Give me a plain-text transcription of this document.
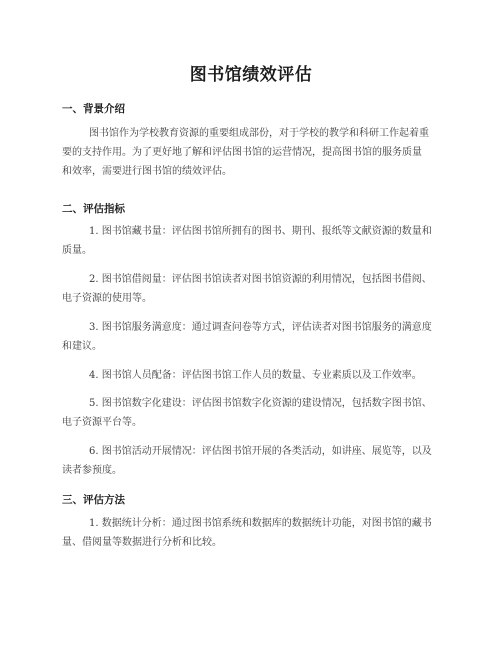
图书馆绩效评估
一、背景介绍
图书馆作为学校教育资源的重要组成部份，对于学校的教学和科研工作起着重
要的支持作用。为了更好地了解和评估图书馆的运营情况，提高图书馆的服务质量
和效率，需要进行图书馆的绩效评估。
二、评估指标
1. 图书馆藏书量：评估图书馆所拥有的图书、期刊、报纸等文献资源的数量和
质量。
2. 图书馆借阅量：评估图书馆读者对图书馆资源的利用情况，包括图书借阅、
电子资源的使用等。
3. 图书馆服务满意度：通过调查问卷等方式，评估读者对图书馆服务的满意度
和建议。
4. 图书馆人员配备：评估图书馆工作人员的数量、专业素质以及工作效率。
5. 图书馆数字化建设：评估图书馆数字化资源的建设情况，包括数字图书馆、
电子资源平台等。
6. 图书馆活动开展情况：评估图书馆开展的各类活动，如讲座、展览等，以及
读者参预度。
三、评估方法
1. 数据统计分析：通过图书馆系统和数据库的数据统计功能，对图书馆的藏书
量、借阅量等数据进行分析和比较。
